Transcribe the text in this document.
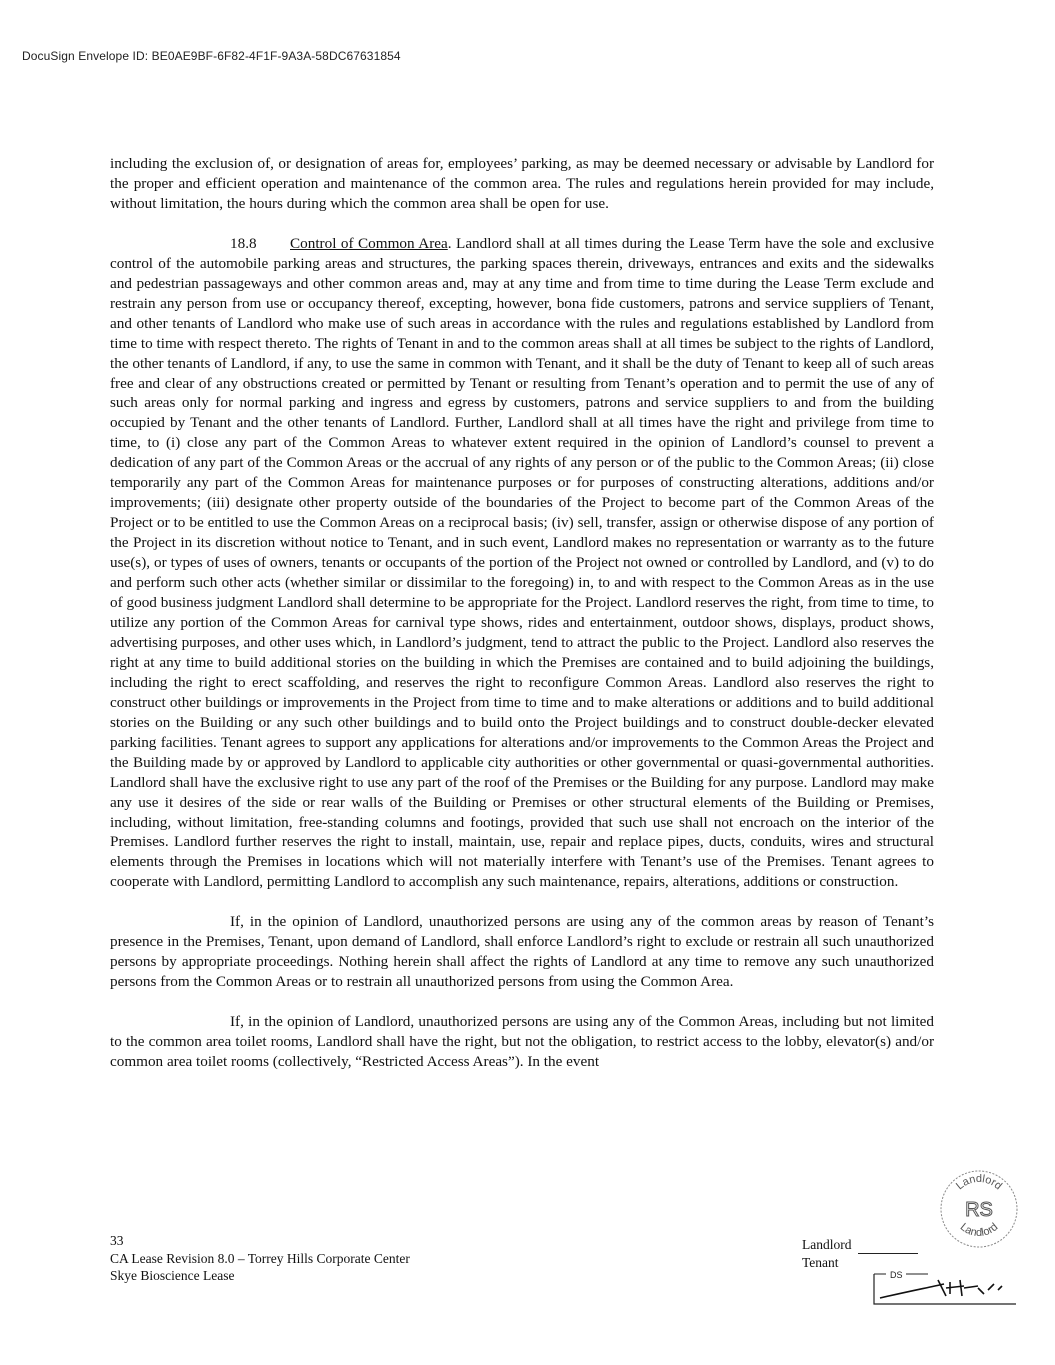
DocuSign Envelope ID: BE0AE9BF-6F82-4F1F-9A3A-58DC67631854

including the exclusion of, or designation of areas for, employees’ parking, as may be deemed necessary or advisable by Landlord for the proper and efficient operation and maintenance of the common area. The rules and regulations herein provided for may include, without limitation, the hours during which the common area shall be open for use.

18.8 Control of Common Area. Landlord shall at all times during the Lease Term have the sole and exclusive control of the automobile parking areas and structures, the parking spaces therein, driveways, entrances and exits and the sidewalks and pedestrian passageways and other common areas and, may at any time and from time to time during the Lease Term exclude and restrain any person from use or occupancy thereof, excepting, however, bona fide customers, patrons and service suppliers of Tenant, and other tenants of Landlord who make use of such areas in accordance with the rules and regulations established by Landlord from time to time with respect thereto. The rights of Tenant in and to the common areas shall at all times be subject to the rights of Landlord, the other tenants of Landlord, if any, to use the same in common with Tenant, and it shall be the duty of Tenant to keep all of such areas free and clear of any obstructions created or permitted by Tenant or resulting from Tenant’s operation and to permit the use of any of such areas only for normal parking and ingress and egress by customers, patrons and service suppliers to and from the building occupied by Tenant and the other tenants of Landlord. Further, Landlord shall at all times have the right and privilege from time to time, to (i) close any part of the Common Areas to whatever extent required in the opinion of Landlord’s counsel to prevent a dedication of any part of the Common Areas or the accrual of any rights of any person or of the public to the Common Areas; (ii) close temporarily any part of the Common Areas for maintenance purposes or for purposes of constructing alterations, additions and/or improvements; (iii) designate other property outside of the boundaries of the Project to become part of the Common Areas of the Project or to be entitled to use the Common Areas on a reciprocal basis; (iv) sell, transfer, assign or otherwise dispose of any portion of the Project in its discretion without notice to Tenant, and in such event, Landlord makes no representation or warranty as to the future use(s), or types of uses of owners, tenants or occupants of the portion of the Project not owned or controlled by Landlord, and (v) to do and perform such other acts (whether similar or dissimilar to the foregoing) in, to and with respect to the Common Areas as in the use of good business judgment Landlord shall determine to be appropriate for the Project. Landlord reserves the right, from time to time, to utilize any portion of the Common Areas for carnival type shows, rides and entertainment, outdoor shows, displays, product shows, advertising purposes, and other uses which, in Landlord’s judgment, tend to attract the public to the Project. Landlord also reserves the right at any time to build additional stories on the building in which the Premises are contained and to build adjoining the buildings, including the right to erect scaffolding, and reserves the right to reconfigure Common Areas. Landlord also reserves the right to construct other buildings or improvements in the Project from time to time and to make alterations or additions and to build additional stories on the Building or any such other buildings and to build onto the Project buildings and to construct double-decker elevated parking facilities. Tenant agrees to support any applications for alterations and/or improvements to the Common Areas the Project and the Building made by or approved by Landlord to applicable city authorities or other governmental or quasi-governmental authorities. Landlord shall have the exclusive right to use any part of the roof of the Premises or the Building for any purpose. Landlord may make any use it desires of the side or rear walls of the Building or Premises or other structural elements of the Building or Premises, including, without limitation, free-standing columns and footings, provided that such use shall not encroach on the interior of the Premises. Landlord further reserves the right to install, maintain, use, repair and replace pipes, ducts, conduits, wires and structural elements through the Premises in locations which will not materially interfere with Tenant’s use of the Premises. Tenant agrees to cooperate with Landlord, permitting Landlord to accomplish any such maintenance, repairs, alterations, additions or construction.

If, in the opinion of Landlord, unauthorized persons are using any of the common areas by reason of Tenant’s presence in the Premises, Tenant, upon demand of Landlord, shall enforce Landlord’s right to exclude or restrain all such unauthorized persons by appropriate proceedings. Nothing herein shall affect the rights of Landlord at any time to remove any such unauthorized persons from the Common Areas or to restrain all unauthorized persons from using the Common Area.

If, in the opinion of Landlord, unauthorized persons are using any of the Common Areas, including but not limited to the common area toilet rooms, Landlord shall have the right, but not the obligation, to restrict access to the lobby, elevator(s) and/or common area toilet rooms (collectively, “Restricted Access Areas”). In the event

33
CA Lease Revision 8.0 – Torrey Hills Corporate Center
Skye Bioscience Lease
Landlord
Tenant
Landlord
RS
Landlord
DS
